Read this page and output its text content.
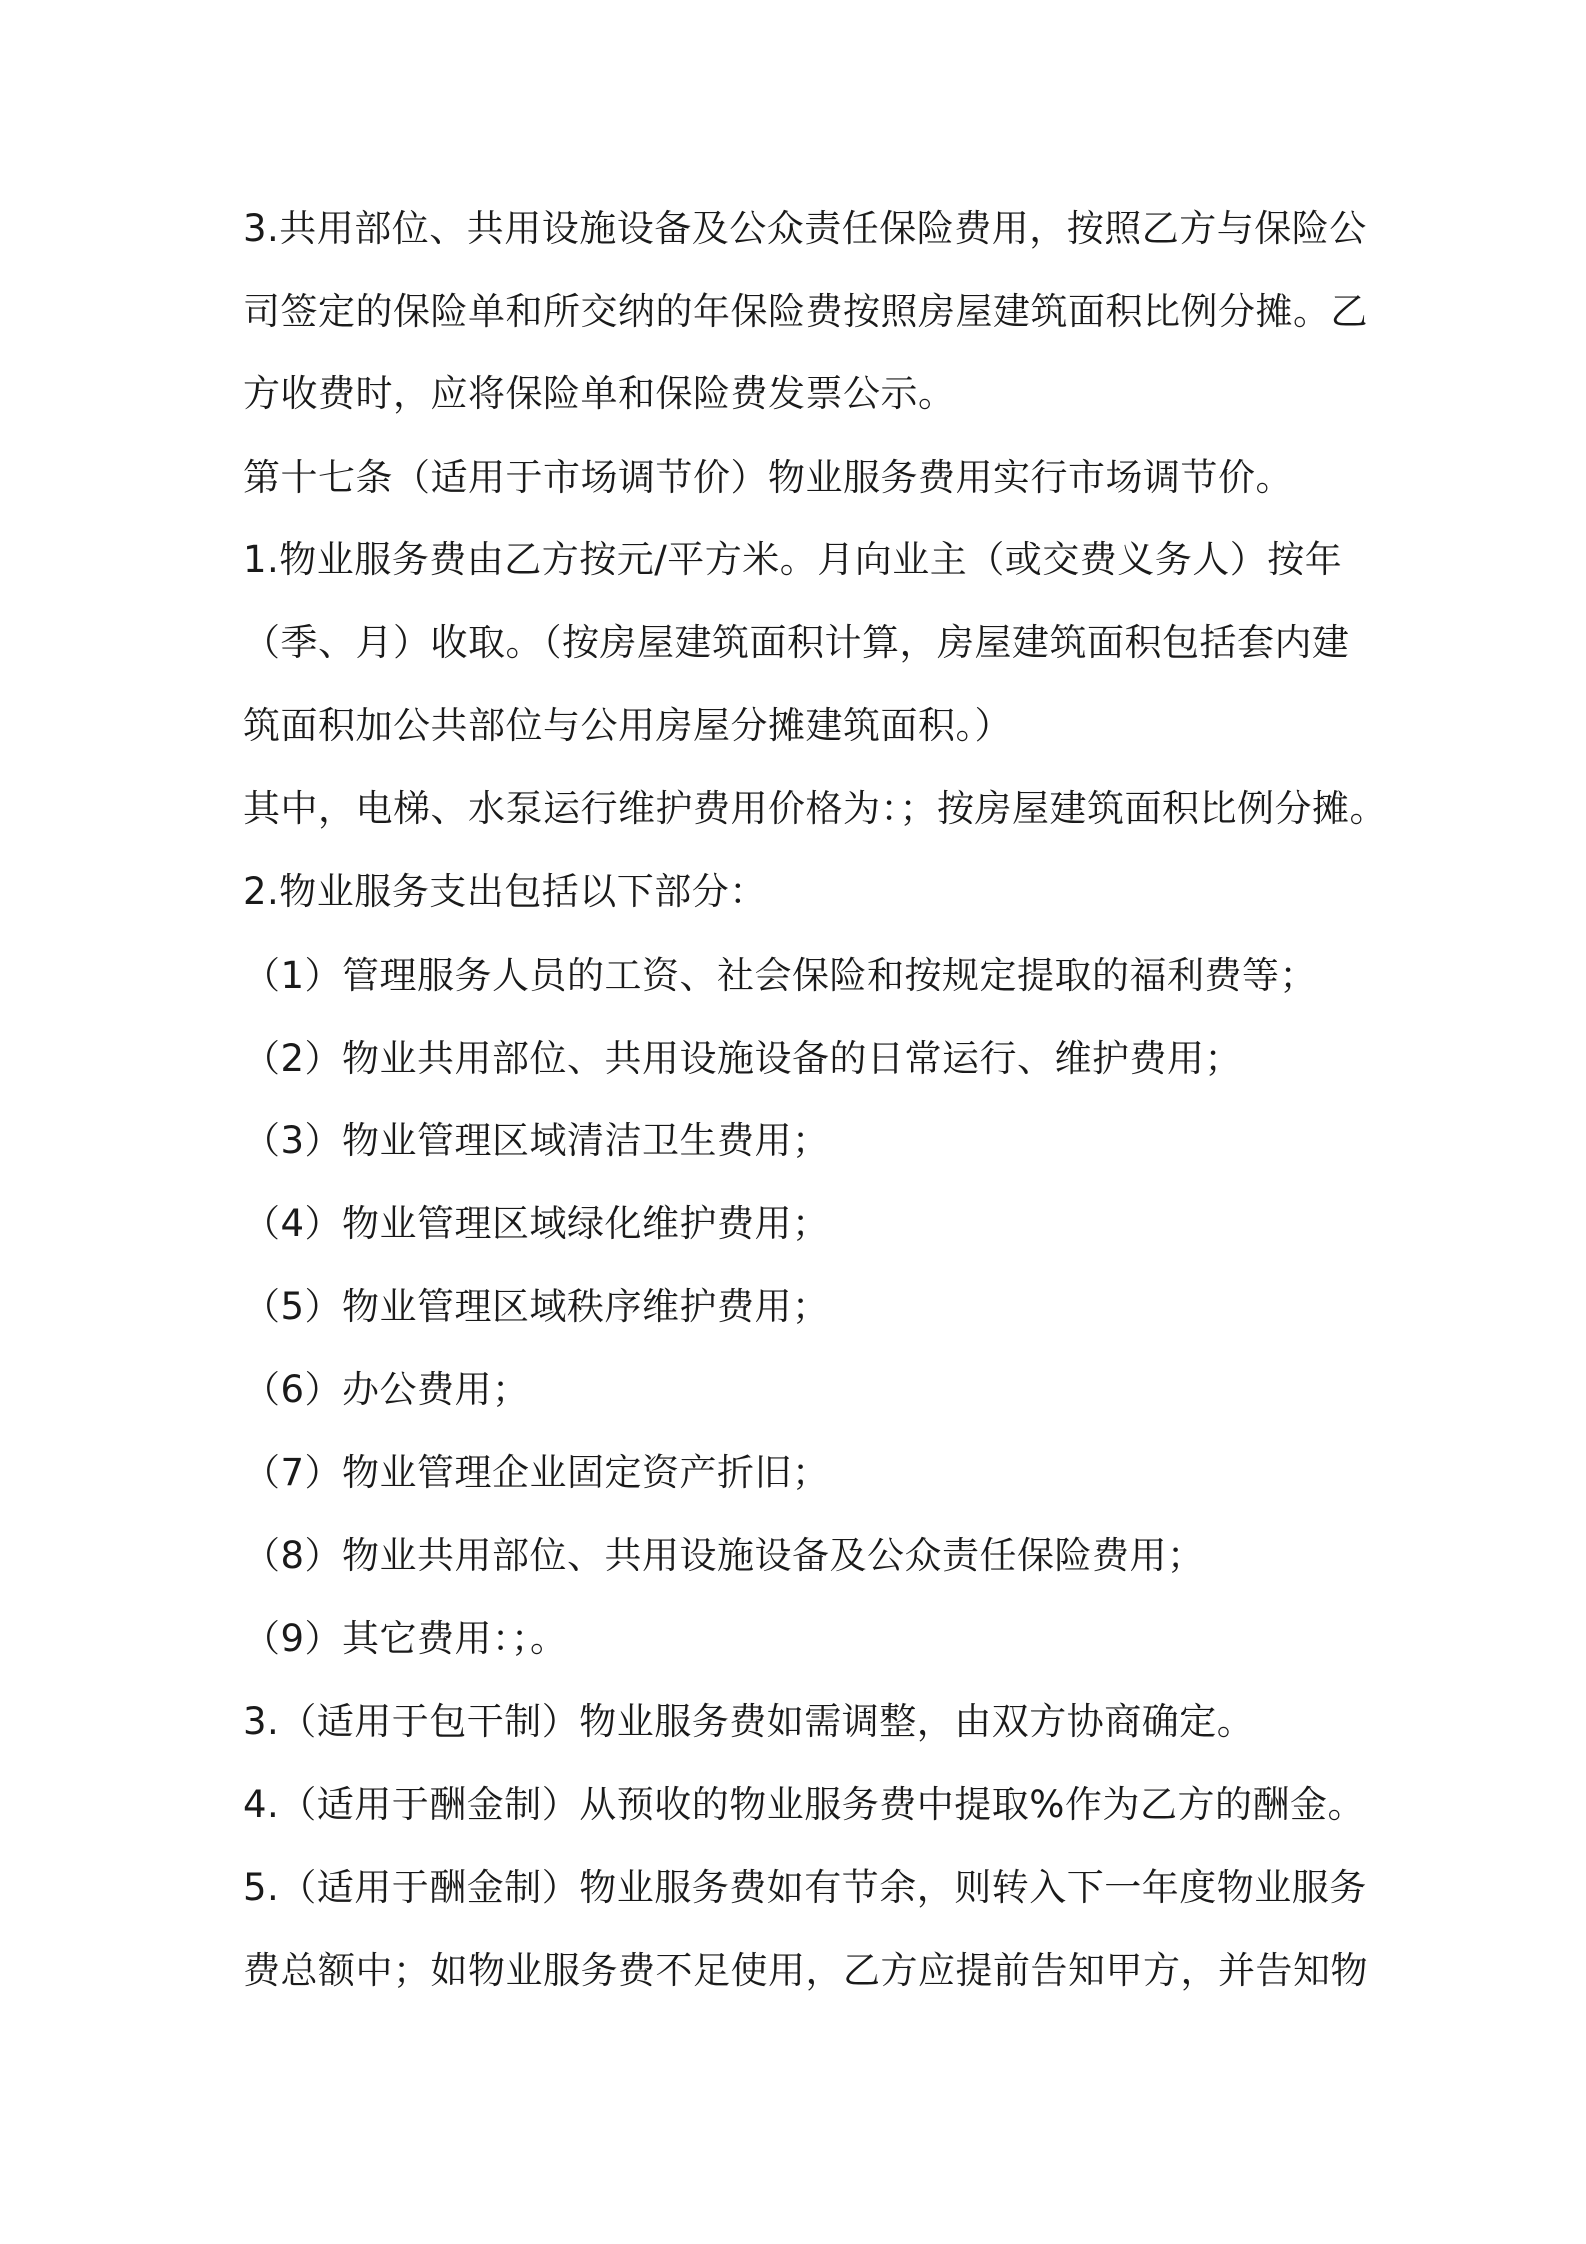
3.共用部位、共用设施设备及公众责任保险费用，按照乙方与保险公
司签定的保险单和所交纳的年保险费按照房屋建筑面积比例分摊。乙
方收费时，应将保险单和保险费发票公示。
第十七条（适用于市场调节价）物业服务费用实行市场调节价。
1.物业服务费由乙方按元/平方米。月向业主（或交费义务人）按年
（季、月）收取。（按房屋建筑面积计算，房屋建筑面积包括套内建
筑面积加公共部位与公用房屋分摊建筑面积。）
其中，电梯、水泵运行维护费用价格为：；按房屋建筑面积比例分摊。
2.物业服务支出包括以下部分：
（1）管理服务人员的工资、社会保险和按规定提取的福利费等；
（2）物业共用部位、共用设施设备的日常运行、维护费用；
（3）物业管理区域清洁卫生费用；
（4）物业管理区域绿化维护费用；
（5）物业管理区域秩序维护费用；
（6）办公费用；
（7）物业管理企业固定资产折旧；
（8）物业共用部位、共用设施设备及公众责任保险费用；
（9）其它费用：；。
3.（适用于包干制）物业服务费如需调整，由双方协商确定。
4.（适用于酬金制）从预收的物业服务费中提取%作为乙方的酬金。
5.（适用于酬金制）物业服务费如有节余，则转入下一年度物业服务
费总额中；如物业服务费不足使用，乙方应提前告知甲方，并告知物
